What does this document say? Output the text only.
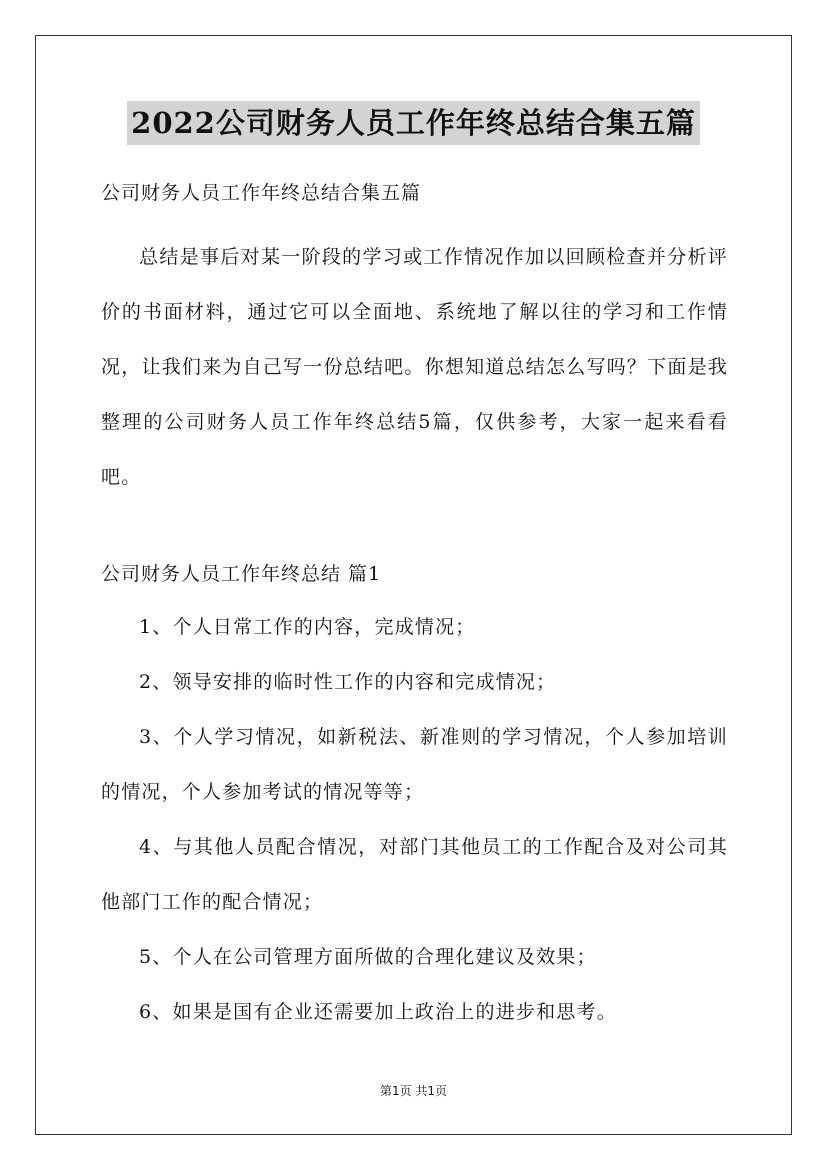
2022公司财务人员工作年终总结合集五篇
公司财务人员工作年终总结合集五篇

总结是事后对某一阶段的学习或工作情况作加以回顾检查并分析评价的书面材料，通过它可以全面地、系统地了解以往的学习和工作情况，让我们来为自己写一份总结吧。你想知道总结怎么写吗？下面是我整理的公司财务人员工作年终总结5篇，仅供参考，大家一起来看看吧。

公司财务人员工作年终总结 篇1

1、个人日常工作的内容，完成情况；

2、领导安排的临时性工作的内容和完成情况；

3、个人学习情况，如新税法、新准则的学习情况，个人参加培训的情况，个人参加考试的情况等等；

4、与其他人员配合情况，对部门其他员工的工作配合及对公司其他部门工作的配合情况；

5、个人在公司管理方面所做的合理化建议及效果；

6、如果是国有企业还需要加上政治上的进步和思考。

第1页 共1页
